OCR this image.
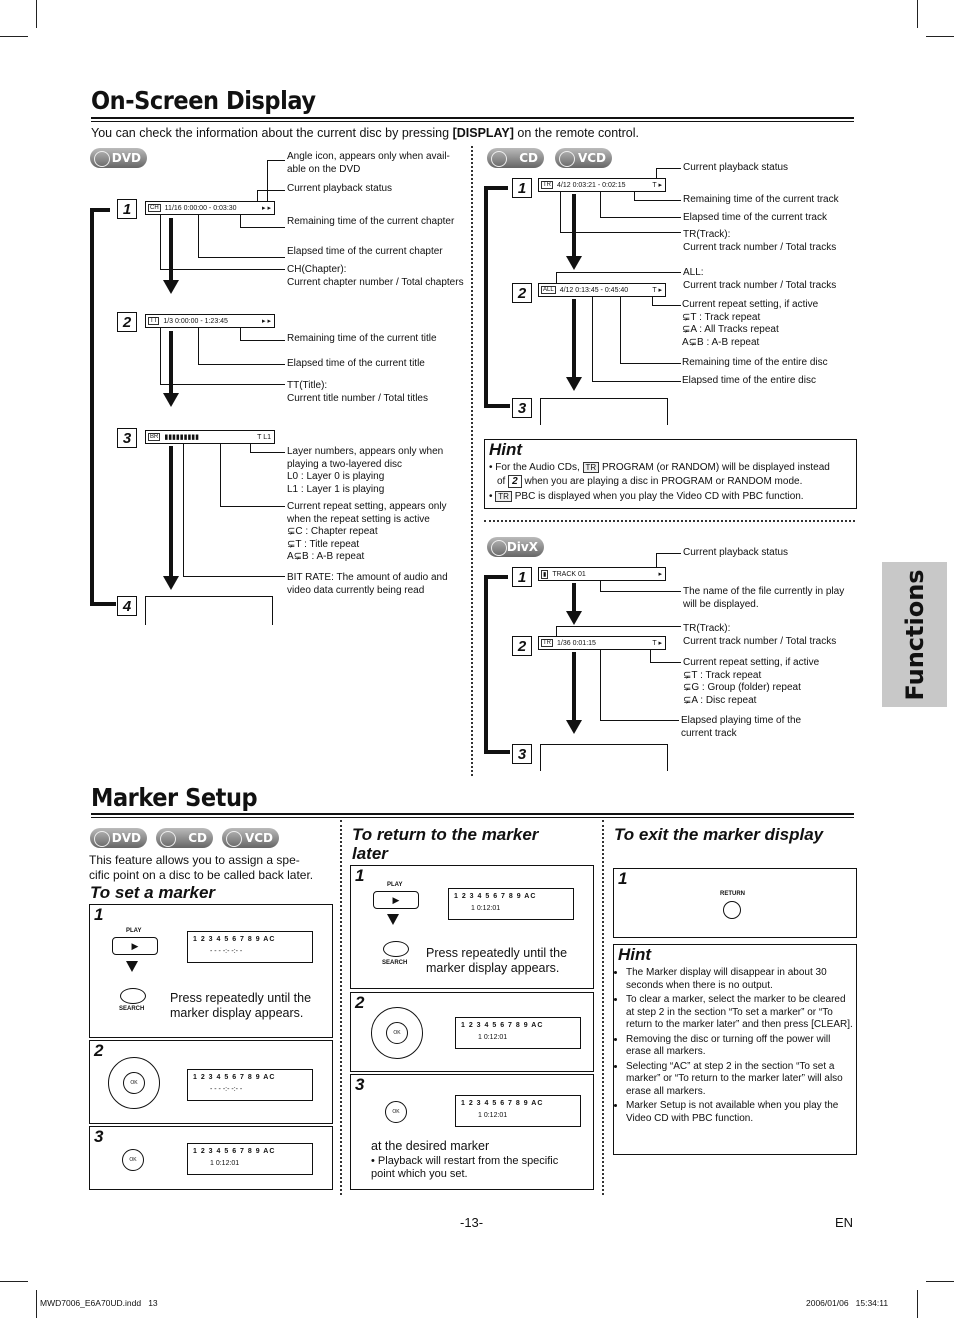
On-Screen Display
You can check the information about the current disc by pressing [DISPLAY] on the remote control.
DVD
1	CH 11/16 0:00:00 - 0:03:30	▸ ▸
2	TT 1/3 0:00:00 - 1:23:45	▸ ▸
3	BR ▮▮▮▮▮▮▮▮▮	T L1
4
Angle icon, appears only when avail-
able on the DVD
Current playback status
Remaining time of the current chapter
Elapsed time of the current chapter
CH(Chapter):
Current chapter number / Total chapters
Remaining time of the current title
Elapsed time of the current title
TT(Title):
Current title number / Total titles
Layer numbers, appears only when
playing a two-layered disc
L0 : Layer 0 is playing
L1 : Layer 1 is playing
Current repeat setting, appears only
when the repeat setting is active
⊊C : Chapter repeat
⊊T : Title repeat
A⊊B : A-B repeat
BIT RATE: The amount of audio and
video data currently being read
CD	VCD
1	TR 4/12 0:03:21 - 0:02:15	T ▸
2	ALL 4/12 0:13:45 - 0:45:40	T ▸
3
Current playback status
Remaining time of the current track
Elapsed time of the current track
TR(Track):
Current track number / Total tracks
ALL:
Current track number / Total tracks
Current repeat setting, if active
⊊T : Track repeat
⊊A : All Tracks repeat
A⊊B : A-B repeat
Remaining time of the entire disc
Elapsed time of the entire disc
Hint
• For the Audio CDs, TR PROGRAM (or RANDOM) will be displayed instead
of 2 when you are playing a disc in PROGRAM or RANDOM mode.
• TR PBC is displayed when you play the Video CD with PBC function.
DivX
1	▮ TRACK 01	▸
2	TR 1/36 0:01:15	T ▸
3
Current playback status
The name of the file currently in play
will be displayed.
TR(Track):
Current track number / Total tracks
Current repeat setting, if active
⊊T : Track repeat
⊊G : Group (folder) repeat
⊊A : Disc repeat
Elapsed playing time of the
current track
Functions
Marker Setup
DVD	CD	VCD
This feature allows you to assign a spe-
cific point on a disc to be called back later.
To set a marker
To return to the marker
later
To exit the marker display
1
PLAY
▶
SEARCH
1 2 3 4 5 6 7 8 9 AC
- - - -:- -:- -
Press repeatedly until the
marker display appears.
2
OK
1 2 3 4 5 6 7 8 9 AC
- - - -:- -:- -
3
OK
1 2 3 4 5 6 7 8 9 AC
1 0:12:01
1	PLAY
▶
SEARCH
1 2 3 4 5 6 7 8 9 AC
1 0:12:01
Press repeatedly until the
marker display appears.
2
OK
1 2 3 4 5 6 7 8 9 AC
1 0:12:01
3
OK
1 2 3 4 5 6 7 8 9 AC
1 0:12:01
at the desired marker
• Playback will restart from the specific
point which you set.
1
RETURN
Hint
• The Marker display will disappear in about 30 seconds when there is no output.
• To clear a marker, select the marker to be cleared at step 2 in the section “To set a marker” or “To return to the marker later” and then press [CLEAR].
• Removing the disc or turning off the power will erase all markers.
• Selecting “AC” at step 2 in the section “To set a marker” or “To return to the marker later” will also erase all markers.
• Marker Setup is not available when you play the Video CD with PBC function.
-13-	EN
MWD7006_E6A70UD.indd   13	2006/01/06   15:34:11
